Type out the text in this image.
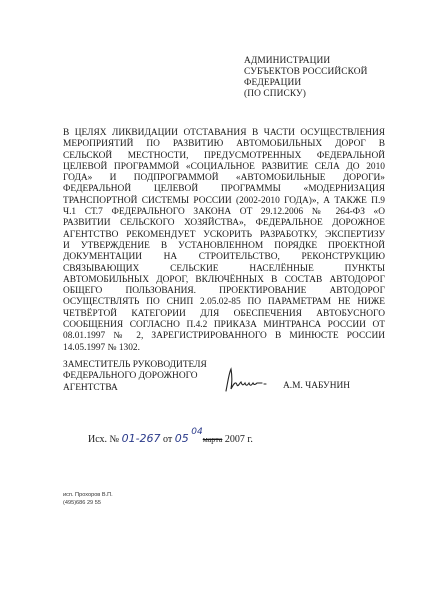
АДМИНИСТРАЦИИ
СУБЪЕКТОВ РОССИЙСКОЙ
ФЕДЕРАЦИИ
(ПО СПИСКУ)
В ЦЕЛЯХ ЛИКВИДАЦИИ ОТСТАВАНИЯ В ЧАСТИ ОСУЩЕСТВЛЕНИЯ
МЕРОПРИЯТИЙ ПО РАЗВИТИЮ АВТОМОБИЛЬНЫХ ДОРОГ В
СЕЛЬСКОЙ МЕСТНОСТИ, ПРЕДУСМОТРЕННЫХ ФЕДЕРАЛЬНОЙ
ЦЕЛЕВОЙ ПРОГРАММОЙ «СОЦИАЛЬНОЕ РАЗВИТИЕ СЕЛА ДО 2010
ГОДА» И ПОДПРОГРАММОЙ «АВТОМОБИЛЬНЫЕ ДОРОГИ»
ФЕДЕРАЛЬНОЙ ЦЕЛЕВОЙ ПРОГРАММЫ «МОДЕРНИЗАЦИЯ
ТРАНСПОРТНОЙ СИСТЕМЫ РОССИИ (2002-2010 ГОДА)», А ТАКЖЕ П.9
Ч.1 СТ.7 ФЕДЕРАЛЬНОГО ЗАКОНА ОТ 29.12.2006 № 264-ФЗ «О
РАЗВИТИИ СЕЛЬСКОГО ХОЗЯЙСТВА», ФЕДЕРАЛЬНОЕ ДОРОЖНОЕ
АГЕНТСТВО РЕКОМЕНДУЕТ УСКОРИТЬ РАЗРАБОТКУ, ЭКСПЕРТИЗУ
И УТВЕРЖДЕНИЕ В УСТАНОВЛЕННОМ ПОРЯДКЕ ПРОЕКТНОЙ
ДОКУМЕНТАЦИИ НА СТРОИТЕЛЬСТВО, РЕКОНСТРУКЦИЮ
СВЯЗЫВАЮЩИХ СЕЛЬСКИЕ НАСЕЛЁННЫЕ ПУНКТЫ
АВТОМОБИЛЬНЫХ ДОРОГ, ВКЛЮЧЁННЫХ В СОСТАВ АВТОДОРОГ
ОБЩЕГО ПОЛЬЗОВАНИЯ. ПРОЕКТИРОВАНИЕ АВТОДОРОГ
ОСУЩЕСТВЛЯТЬ ПО СНИП 2.05.02-85 ПО ПАРАМЕТРАМ НЕ НИЖЕ
ЧЕТВЁРТОЙ КАТЕГОРИИ ДЛЯ ОБЕСПЕЧЕНИЯ АВТОБУСНОГО
СООБЩЕНИЯ СОГЛАСНО П.4.2 ПРИКАЗА МИНТРАНСА РОССИИ ОТ
08.01.1997 № 2, ЗАРЕГИСТРИРОВАННОГО В МИНЮСТЕ РОССИИ
14.05.1997 № 1302.
ЗАМЕСТИТЕЛЬ РУКОВОДИТЕЛЯ
ФЕДЕРАЛЬНОГО ДОРОЖНОГО
АГЕНТСТВА	А.М. ЧАБУНИН
Исх. № 01-267 от 05 04марта 2007 г.
исп. Прохоров В.П.
(495)686 29 55
